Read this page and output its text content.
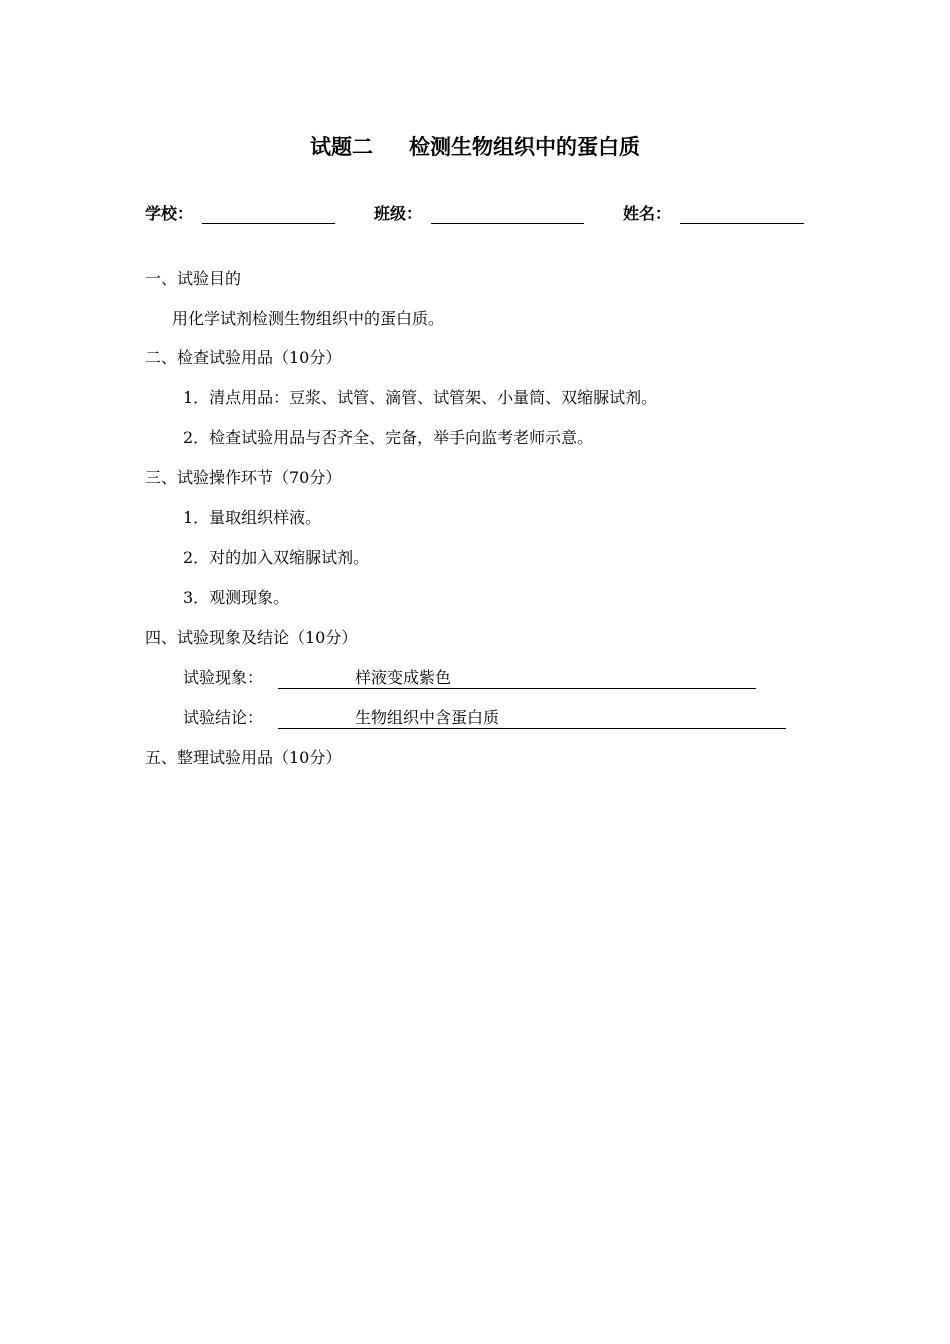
试题二 检测生物组织中的蛋白质
学校：	班级：	姓名：
一、试验目的
用化学试剂检测生物组织中的蛋白质。
二、检查试验用品（10分）
1．清点用品：豆浆、试管、滴管、试管架、小量筒、双缩脲试剂。
2．检查试验用品与否齐全、完备，举手向监考老师示意。
三、试验操作环节（70分）
1．量取组织样液。
2．对的加入双缩脲试剂。
3．观测现象。
四、试验现象及结论（10分）
试验现象：	样液变成紫色
试验结论：	生物组织中含蛋白质
五、整理试验用品（10分）
